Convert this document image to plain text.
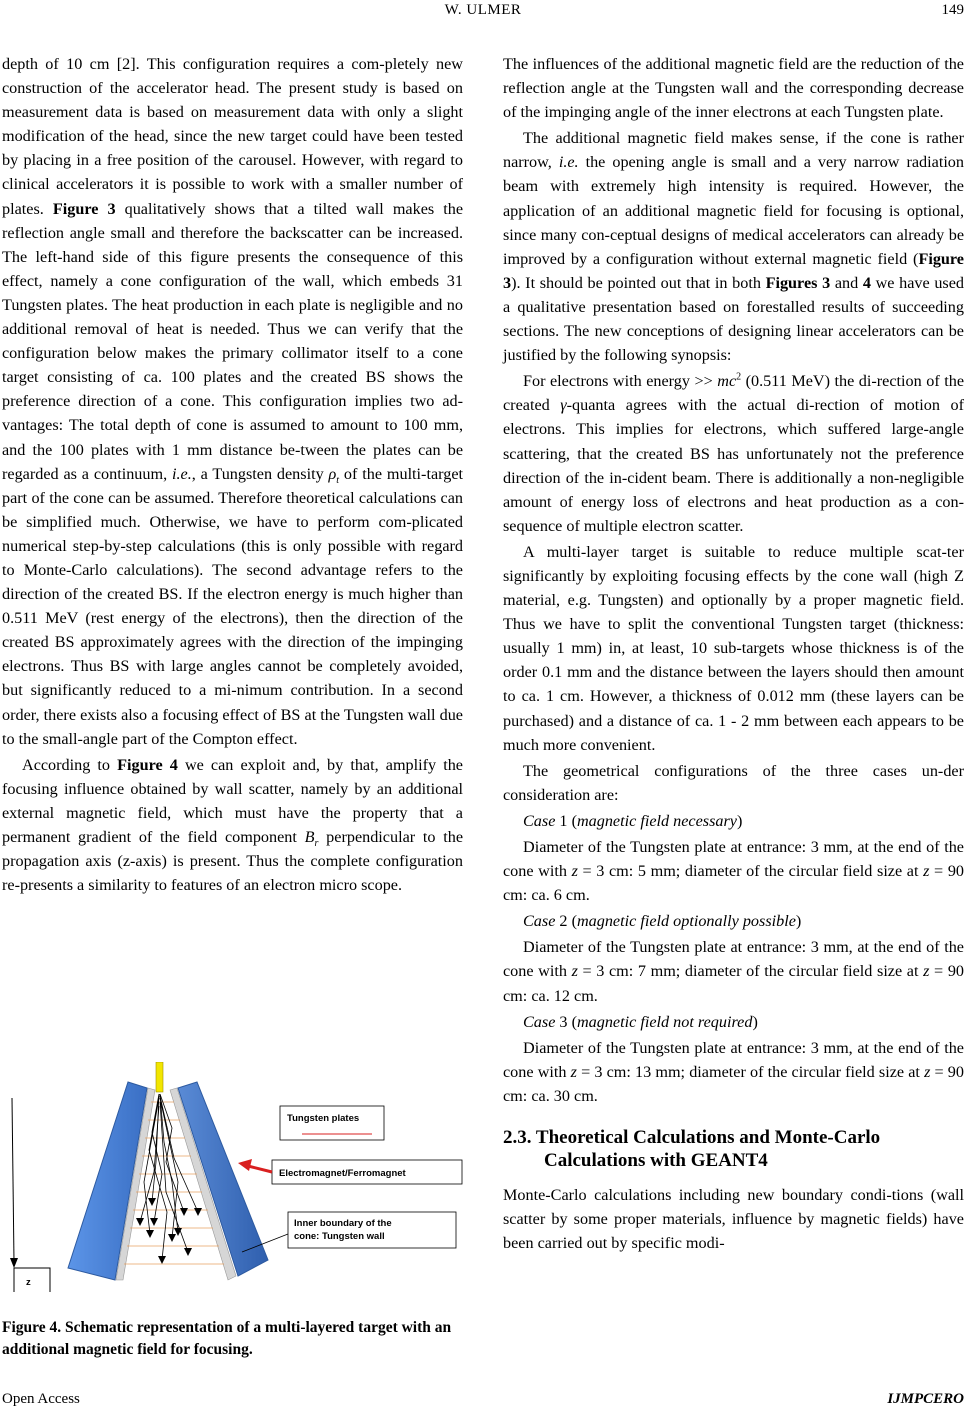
W. ULMER	149

depth of 10 cm [2]. This configuration requires a com-pletely new construction of the accelerator head. The present study is based on measurement data is based on measurement data with only a slight modification of the head, since the new target could have been tested by placing in a free position of the carousel. However, with regard to clinical accelerators it is possible to work with a smaller number of plates. Figure 3 qualitatively shows that a tilted wall makes the reflection angle small and therefore the backscatter can be increased. The left-hand side of this figure presents the consequence of this effect, namely a cone configuration of the wall, which embeds 31 Tungsten plates. The heat production in each plate is negligible and no additional removal of heat is needed. Thus we can verify that the configuration below makes the primary collimator itself to a cone target consisting of ca. 100 plates and the created BS shows the preference direction of a cone. This configuration implies two ad-vantages: The total depth of cone is assumed to amount to 100 mm, and the 100 plates with 1 mm distance be-tween the plates can be regarded as a continuum, i.e., a Tungsten density $\rho_t$ of the multi-target part of the cone can be assumed. Therefore theoretical calculations can be simplified much. Otherwise, we have to perform com-plicated numerical step-by-step calculations (this is only possible with regard to Monte-Carlo calculations). The second advantage refers to the direction of the created BS. If the electron energy is much higher than 0.511 MeV (rest energy of the electrons), then the direction of the created BS approximately agrees with the direction of the impinging electrons. Thus BS with large angles cannot be completely avoided, but significantly reduced to a mi-nimum contribution. In a second order, there exists also a focusing effect of BS at the Tungsten wall due to the small-angle part of the Compton effect.

According to Figure 4 we can exploit and, by that, amplify the focusing influence obtained by wall scatter, namely by an additional external magnetic field, which must have the property that a permanent gradient of the field component $B_r$ perpendicular to the propagation axis (z-axis) is present. Thus the complete configuration re-presents a similarity to features of an electron micro scope.

z
Tungsten plates
Electromagnet/Ferromagnet
Inner boundary of the
cone: Tungsten wall
Figure 4. Schematic representation of a multi-layered target with an additional magnetic field for focusing.

The influences of the additional magnetic field are the reduction of the reflection angle at the Tungsten wall and the corresponding decrease of the impinging angle of the inner electrons at each Tungsten plate.

The additional magnetic field makes sense, if the cone is rather narrow, i.e. the opening angle is small and a very narrow radiation beam with extremely high intensity is required. However, the application of an additional magnetic field for focusing is optional, since many con-ceptual designs of medical accelerators can already be improved by a configuration without external magnetic field (Figure 3). It should be pointed out that in both Figures 3 and 4 we have used a qualitative presentation based on forestalled results of succeeding sections. The new conceptions of designing linear accelerators can be justified by the following synopsis:

For electrons with energy >> $mc^2$ (0.511 MeV) the di-rection of the created γ-quanta agrees with the actual di-rection of motion of electrons. This implies for electrons, which suffered large-angle scattering, that the created BS has unfortunately not the preference direction of the in-cident beam. There is additionally a non-negligible amount of energy loss of electrons and heat production as a con-sequence of multiple electron scatter.

A multi-layer target is suitable to reduce multiple scat-ter significantly by exploiting focusing effects by the cone wall (high Z material, e.g. Tungsten) and optionally by a proper magnetic field. Thus we have to split the conventional Tungsten target (thickness: usually 1 mm) in, at least, 10 sub-targets whose thickness is of the order 0.1 mm and the distance between the layers should then amount to ca. 1 cm. However, a thickness of 0.012 mm (these layers can be purchased) and a distance of ca. 1 - 2 mm between each appears to be much more convenient.

The geometrical configurations of the three cases un-der consideration are:

Case 1 (magnetic field necessary)

Diameter of the Tungsten plate at entrance: 3 mm, at the end of the cone with z = 3 cm: 5 mm; diameter of the circular field size at z = 90 cm: ca. 6 cm.

Case 2 (magnetic field optionally possible)

Diameter of the Tungsten plate at entrance: 3 mm, at the end of the cone with z = 3 cm: 7 mm; diameter of the circular field size at z = 90 cm: ca. 12 cm.

Case 3 (magnetic field not required)

Diameter of the Tungsten plate at entrance: 3 mm, at the end of the cone with z = 3 cm: 13 mm; diameter of the circular field size at z = 90 cm: ca. 30 cm.

2.3. Theoretical Calculations and Monte-Carlo Calculations with GEANT4

Monte-Carlo calculations including new boundary condi-tions (wall scatter by some proper materials, influence by magnetic fields) have been carried out by specific modi-

Open Access	IJMPCERO
